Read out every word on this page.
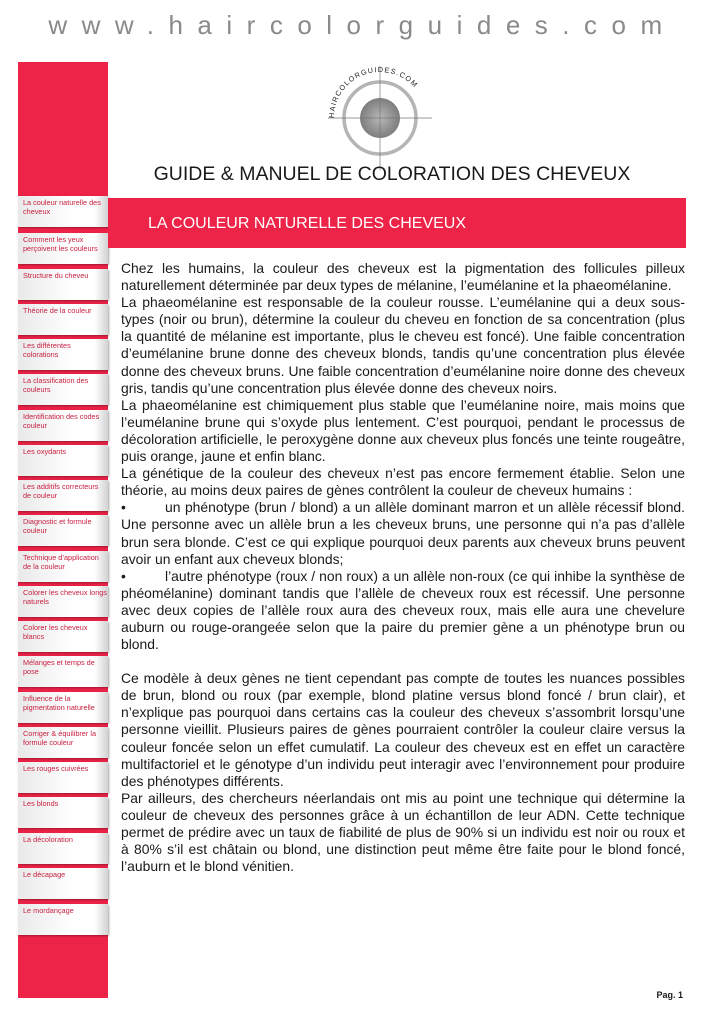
www.haircolorguides.com
HAIRCOLORGUIDES.COM
GUIDE & MANUEL DE COLORATION DES CHEVEUX
La couleur naturelle des cheveux
Comment les yeux perçoivent les couleurs
Structure du cheveu
Théorie de la couleur
Les différentes colorations
La classification des couleurs
Identification des codes couleur
Les oxydants
Les additifs correcteurs de couleur
Diagnostic et formule couleur
Technique d’application de la couleur
Colorer les cheveux longs naturels
Colorer les cheveux blancs
Mélanges et temps de pose
Influence de la pigmentation naturelle
Corriger & équilibrer la formule couleur
Les rouges cuivrées
Les blonds
La décoloration
Le décapage
Le mordançage
LA COULEUR NATURELLE DES CHEVEUX

Chez les humains, la couleur des cheveux est la pigmentation des follicules pilleux naturellement déterminée par deux types de mélanine, l’eumélanine et la phaeomélanine.

La phaeomélanine est responsable de la couleur rousse. L’eumélanine qui a deux sous-types (noir ou brun), détermine la couleur du cheveu en fonction de sa concentration (plus la quantité de mélanine est importante, plus le cheveu est foncé). Une faible concentration d’eumélanine brune donne des cheveux blonds, tandis qu’une concentration plus élevée donne des cheveux bruns. Une faible concentration d’eumélanine noire donne des cheveux gris, tandis qu’une concentration plus élevée donne des cheveux noirs.

La phaeomélanine est chimiquement plus stable que l’eumélanine noire, mais moins que l’eumélanine brune qui s’oxyde plus lentement. C’est pourquoi, pendant le processus de décoloration artificielle, le peroxygène donne aux cheveux plus foncés une teinte rougeâtre, puis orange, jaune et enfin blanc.

La génétique de la couleur des cheveux n’est pas encore fermement établie. Selon une théorie, au moins deux paires de gènes contrôlent la couleur de cheveux humains :

•	un phénotype (brun / blond) a un allèle dominant marron et un allèle récessif blond. Une personne avec un allèle brun a les cheveux bruns, une personne qui n’a pas d’allèle brun sera blonde. C’est ce qui explique pourquoi deux parents aux cheveux bruns peuvent avoir un enfant aux cheveux blonds;

•	l’autre phénotype (roux / non roux) a un allèle non-roux (ce qui inhibe la synthèse de phéomélanine) dominant tandis que l’allèle de cheveux roux est récessif. Une personne avec deux copies de l’allèle roux aura des cheveux roux, mais elle aura une chevelure auburn ou rouge-orangeée selon que la paire du premier gène a un phénotype brun ou blond.

Ce modèle à deux gènes ne tient cependant pas compte de toutes les nuances possibles de brun, blond ou roux (par exemple, blond platine versus blond foncé / brun clair), et n’explique pas pourquoi dans certains cas la couleur des cheveux s’assombrit lorsqu’une personne vieillit. Plusieurs paires de gènes pourraient contrôler la couleur claire versus la couleur foncée selon un effet cumulatif. La couleur des cheveux est en effet un caractère multifactoriel et le génotype d’un individu peut interagir avec l’environnement pour produire des phénotypes différents.

Par ailleurs, des chercheurs néerlandais ont mis au point une technique qui détermine la couleur de cheveux des personnes grâce à un échantillon de leur ADN. Cette technique permet de prédire avec un taux de fiabilité de plus de 90% si un individu est noir ou roux et à 80% s’il est châtain ou blond, une distinction peut même être faite pour le blond foncé, l’auburn et le blond vénitien.

Pag. 1
